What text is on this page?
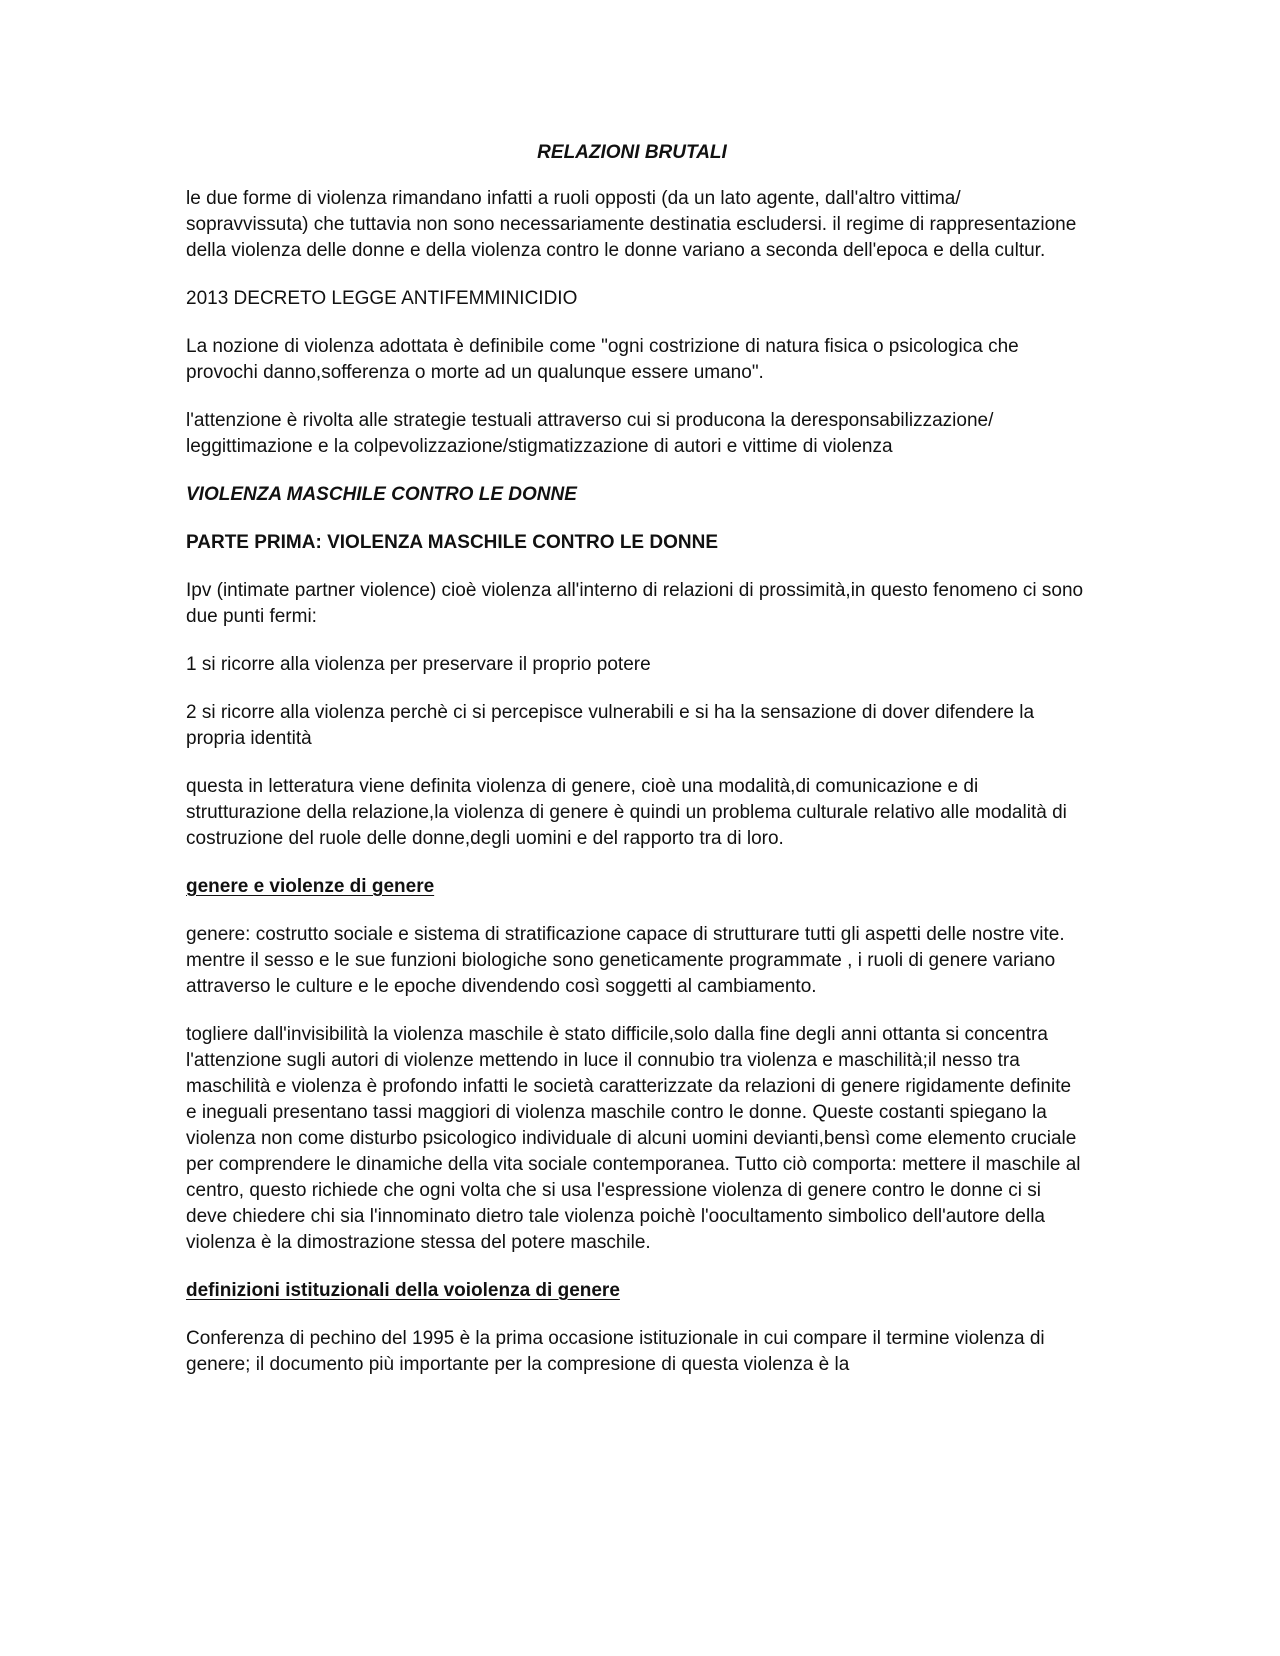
RELAZIONI BRUTALI

le due forme di violenza rimandano infatti a ruoli opposti (da un lato agente, dall'altro vittima/ sopravvissuta) che tuttavia non sono necessariamente destinatia escludersi. il regime di rappresentazione della violenza delle donne e della violenza contro le donne variano a seconda dell'epoca e della cultur.

2013 DECRETO LEGGE ANTIFEMMINICIDIO

La nozione di violenza adottata è definibile come "ogni costrizione di natura fisica o psicologica che provochi danno,sofferenza o morte ad un qualunque essere umano".

l'attenzione è rivolta alle strategie testuali attraverso cui si producona la deresponsabilizzazione/ leggittimazione e la colpevolizzazione/stigmatizzazione di autori e vittime di violenza

VIOLENZA MASCHILE CONTRO LE DONNE

PARTE PRIMA: VIOLENZA MASCHILE CONTRO LE DONNE

Ipv (intimate partner violence) cioè violenza all'interno di relazioni di prossimità,in questo fenomeno ci sono due punti fermi:

1 si ricorre alla violenza per preservare il proprio potere

2 si ricorre alla violenza perchè ci si percepisce vulnerabili e si ha la sensazione di dover difendere la propria identità

questa in letteratura viene definita violenza di genere, cioè una modalità,di comunicazione e di strutturazione della relazione,la violenza di genere è quindi un problema culturale relativo alle modalità di costruzione del ruole delle donne,degli uomini e del rapporto tra di loro.

genere e violenze di genere

genere: costrutto sociale e sistema di stratificazione capace di strutturare tutti gli aspetti delle nostre vite. mentre il sesso e le sue funzioni biologiche sono geneticamente programmate , i ruoli di genere variano attraverso le culture e le epoche divendendo così soggetti al cambiamento.

togliere dall'invisibilità la violenza maschile è stato difficile,solo dalla fine degli anni ottanta si concentra l'attenzione sugli autori di violenze mettendo in luce il connubio tra violenza e maschilità;il nesso tra maschilità e violenza è profondo infatti le società caratterizzate da relazioni di genere rigidamente definite e ineguali presentano tassi maggiori di violenza maschile contro le donne. Queste costanti spiegano la violenza non come disturbo psicologico individuale di alcuni uomini devianti,bensì come elemento cruciale per comprendere le dinamiche della vita sociale contemporanea. Tutto ciò comporta: mettere il maschile al centro, questo richiede che ogni volta che si usa l'espressione violenza di genere contro le donne ci si deve chiedere chi sia l'innominato dietro tale violenza poichè l'oocultamento simbolico dell'autore della violenza è la dimostrazione stessa del potere maschile.

definizioni istituzionali della voiolenza di genere

Conferenza di pechino del 1995 è la prima occasione istituzionale in cui compare il termine violenza di genere; il documento più importante per la compresione di questa violenza è la
